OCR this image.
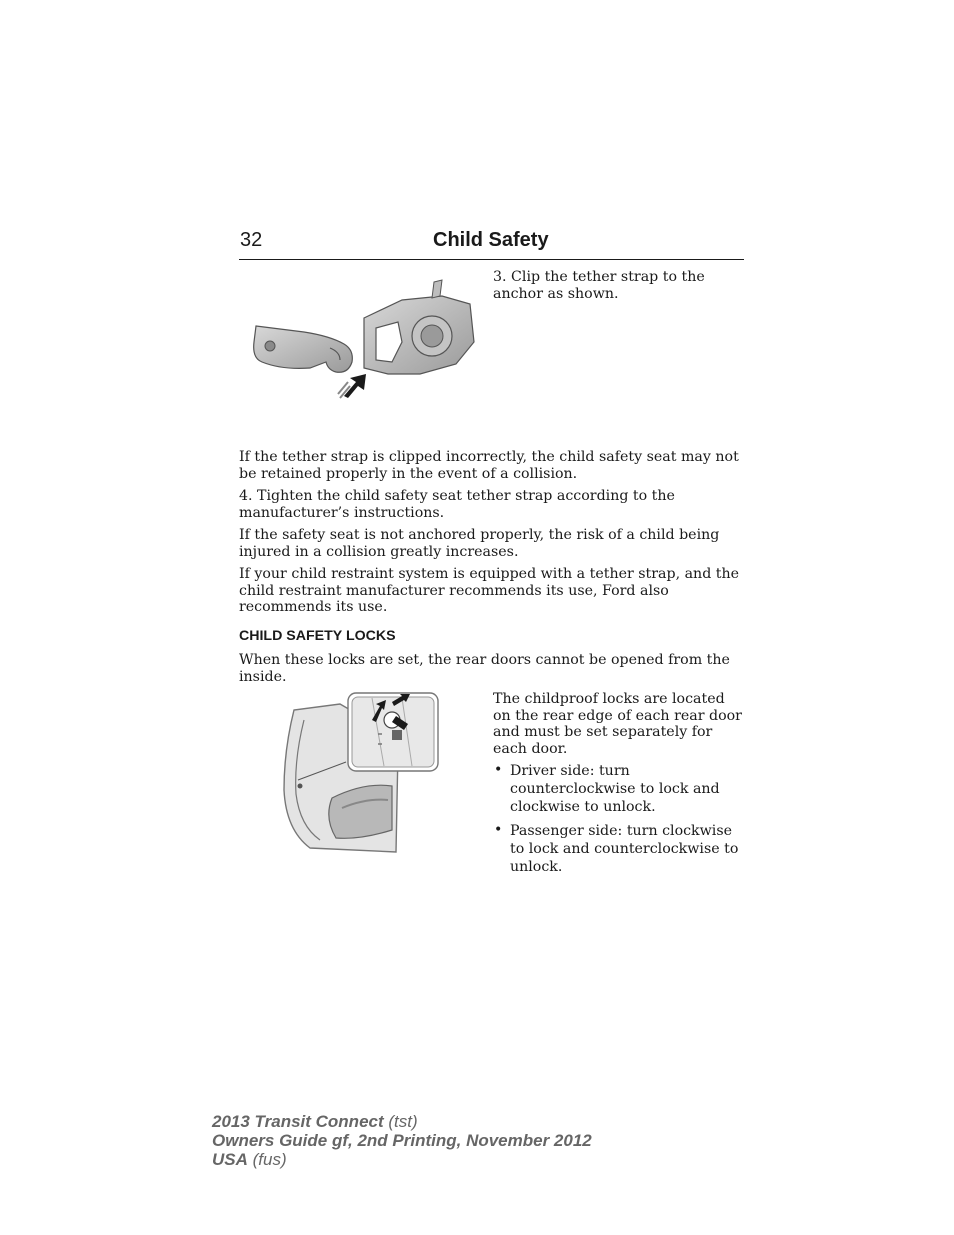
32	Child Safety

3. Clip the tether strap to the anchor as shown.

If the tether strap is clipped incorrectly, the child safety seat may not be retained properly in the event of a collision.

4. Tighten the child safety seat tether strap according to the manufacturer’s instructions.

If the safety seat is not anchored properly, the risk of a child being injured in a collision greatly increases.

If your child restraint system is equipped with a tether strap, and the child restraint manufacturer recommends its use, Ford also recommends its use.

CHILD SAFETY LOCKS

When these locks are set, the rear doors cannot be opened from the inside.

The childproof locks are located on the rear edge of each rear door and must be set separately for each door.

• Driver side: turn counterclockwise to lock and clockwise to unlock.
• Passenger side: turn clockwise to lock and counterclockwise to unlock.
2013 Transit Connect (tst)
Owners Guide gf, 2nd Printing, November 2012
USA (fus)
